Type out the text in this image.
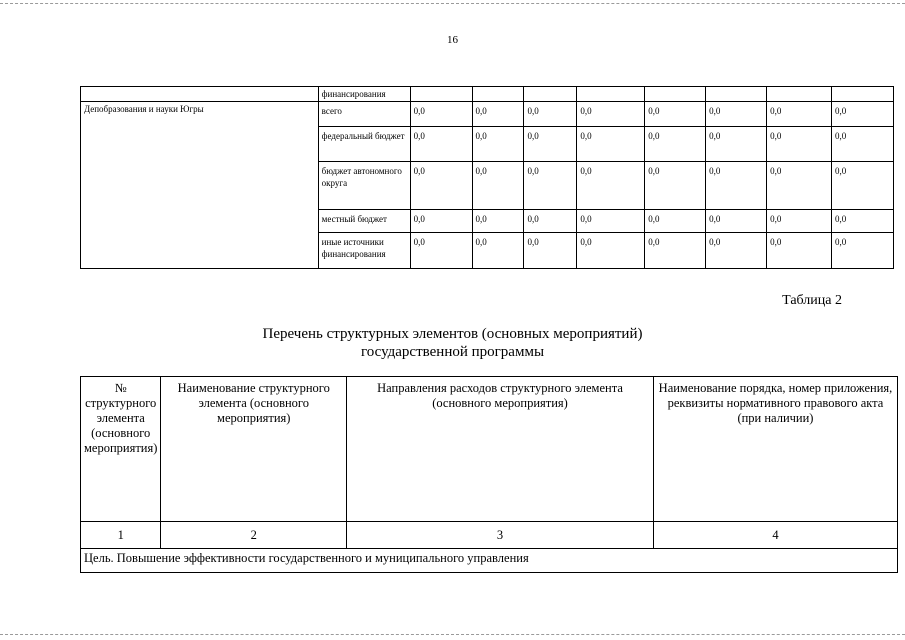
16
	финансирования								
Депобразования и науки Югры	всего	0,0	0,0	0,0	0,0	0,0	0,0	0,0	0,0
	федеральный бюджет	0,0	0,0	0,0	0,0	0,0	0,0	0,0	0,0
	бюджет автономного округа	0,0	0,0	0,0	0,0	0,0	0,0	0,0	0,0
	местный бюджет	0,0	0,0	0,0	0,0	0,0	0,0	0,0	0,0
	иные источники финансирования	0,0	0,0	0,0	0,0	0,0	0,0	0,0	0,0
Таблица 2
Перечень структурных элементов (основных мероприятий)
государственной программы
№ структурного элемента (основного мероприятия)	Наименование структурного элемента (основного мероприятия)	Направления расходов структурного элемента (основного мероприятия)	Наименование порядка, номер приложения, реквизиты нормативного правового акта (при наличии)
1	2	3	4
Цель. Повышение эффективности государственного и муниципального управления			
